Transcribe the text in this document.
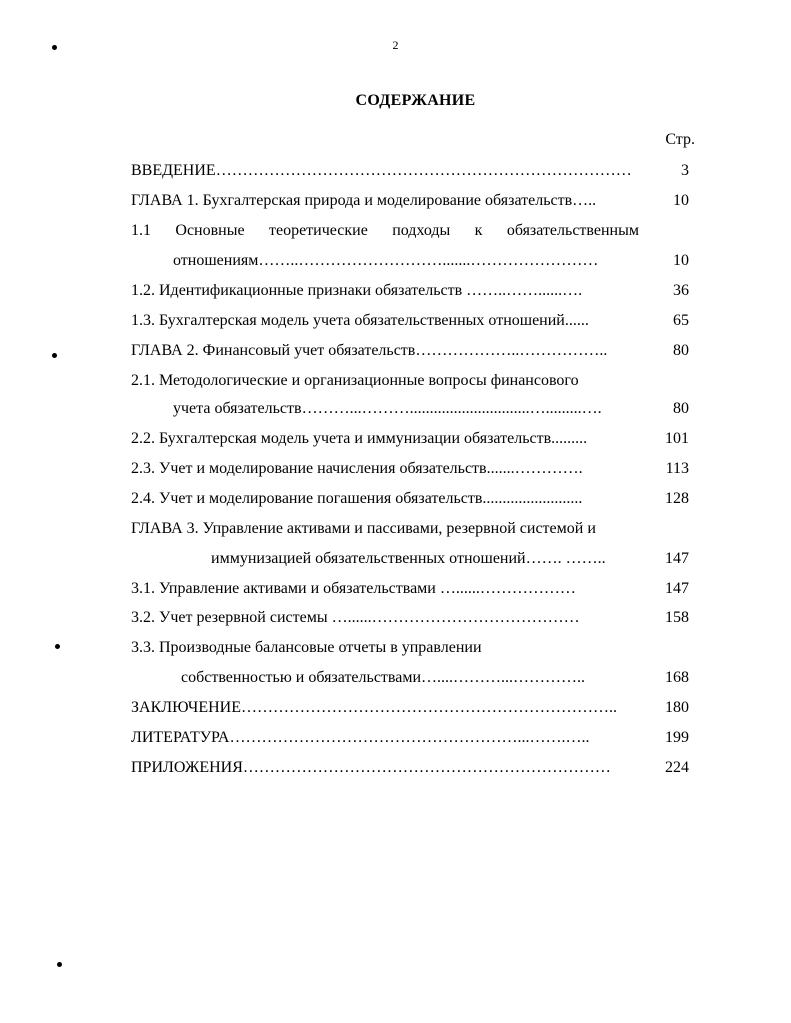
2
СОДЕРЖАНИЕ
Стр.
ВВЕДЕНИЕ……………………………………………………………………	3
ГЛАВА 1. Бухгалтерская природа и моделирование обязательств…..	10
1.1 Основные теоретические подходы к обязательственным
отношениям……..……………………….......……………………	10
1.2. Идентификационные признаки обязательств ……..……......….	36
1.3. Бухгалтерская модель учета обязательственных отношений......	65
ГЛАВА 2. Финансовый учет обязательств………………..……………..	80
2.1. Методологические и организационные вопросы финансового
учета обязательств………...………..............................….........….	80
2.2. Бухгалтерская модель учета и иммунизации обязательств.........	101
2.3. Учет и моделирование начисления обязательств.......………….	113
2.4. Учет и моделирование погашения обязательств.........................	128
ГЛАВА 3. Управление активами и пассивами, резервной системой и
иммунизацией обязательственных отношений……. ……..	147
3.1. Управление активами и обязательствами …......………………	147
3.2. Учет резервной системы …......…………………………………	158
3.3. Производные балансовые отчеты в управлении
собственностью и обязательствами…....………...…………..	168
ЗАКЛЮЧЕНИЕ……………………………………………………………..	180
ЛИТЕРАТУРА………………………………………………...…….…..	199
ПРИЛОЖЕНИЯ……………………………………………………………	224
